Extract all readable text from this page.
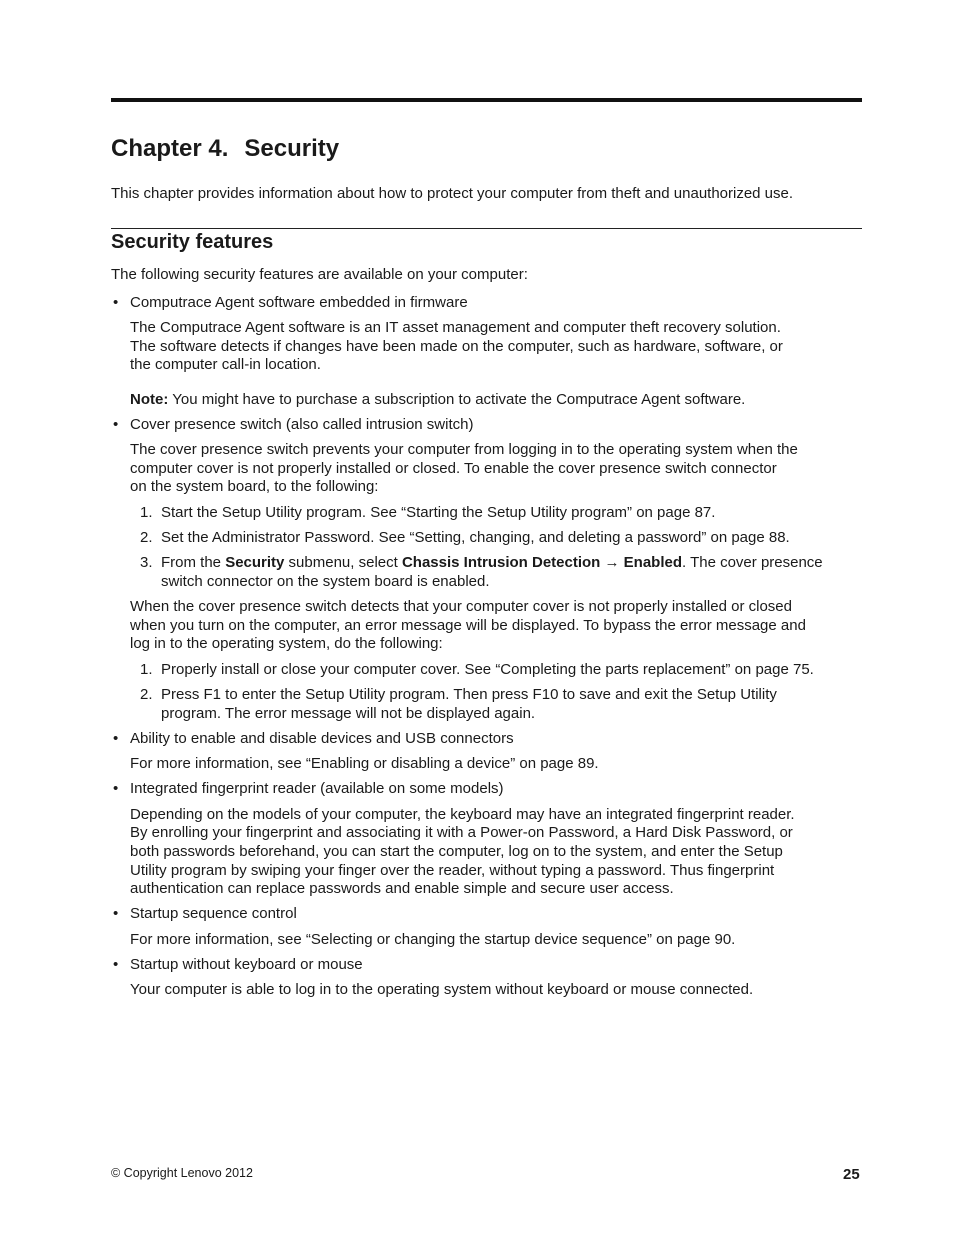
Chapter 4. Security
This chapter provides information about how to protect your computer from theft and unauthorized use.
Security features
The following security features are available on your computer:
• Computrace Agent software embedded in firmware
The Computrace Agent software is an IT asset management and computer theft recovery solution.
The software detects if changes have been made on the computer, such as hardware, software, or
the computer call-in location.
Note: You might have to purchase a subscription to activate the Computrace Agent software.
• Cover presence switch (also called intrusion switch)
The cover presence switch prevents your computer from logging in to the operating system when the
computer cover is not properly installed or closed. To enable the cover presence switch connector
on the system board, to the following:
1. Start the Setup Utility program. See “Starting the Setup Utility program” on page 87.
2. Set the Administrator Password. See “Setting, changing, and deleting a password” on page 88.
3. From the Security submenu, select Chassis Intrusion Detection → Enabled. The cover presence
switch connector on the system board is enabled.
When the cover presence switch detects that your computer cover is not properly installed or closed
when you turn on the computer, an error message will be displayed. To bypass the error message and
log in to the operating system, do the following:
1. Properly install or close your computer cover. See “Completing the parts replacement” on page 75.
2. Press F1 to enter the Setup Utility program. Then press F10 to save and exit the Setup Utility
program. The error message will not be displayed again.
• Ability to enable and disable devices and USB connectors
For more information, see “Enabling or disabling a device” on page 89.
• Integrated fingerprint reader (available on some models)
Depending on the models of your computer, the keyboard may have an integrated fingerprint reader.
By enrolling your fingerprint and associating it with a Power-on Password, a Hard Disk Password, or
both passwords beforehand, you can start the computer, log on to the system, and enter the Setup
Utility program by swiping your finger over the reader, without typing a password. Thus fingerprint
authentication can replace passwords and enable simple and secure user access.
• Startup sequence control
For more information, see “Selecting or changing the startup device sequence” on page 90.
• Startup without keyboard or mouse
Your computer is able to log in to the operating system without keyboard or mouse connected.
© Copyright Lenovo 2012	25
